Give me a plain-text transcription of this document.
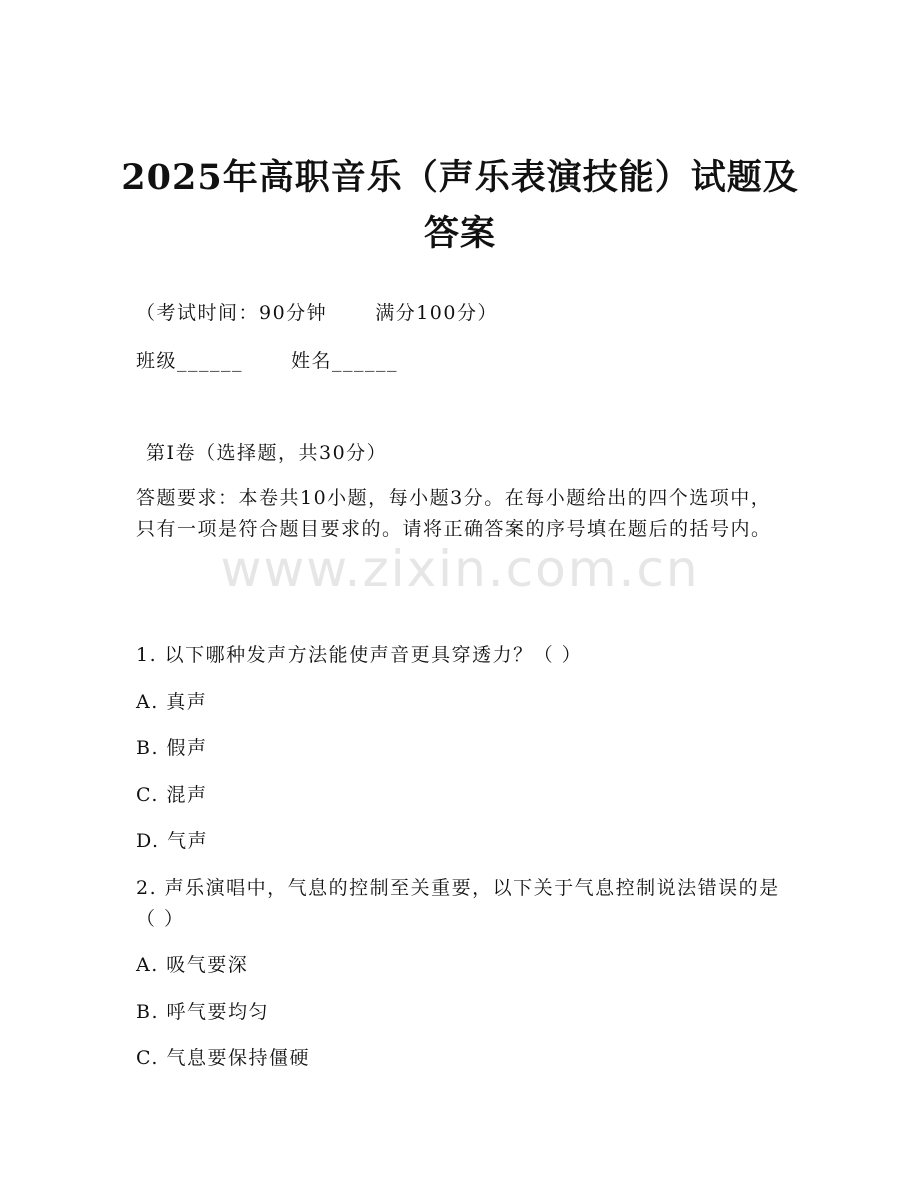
2025年高职音乐（声乐表演技能）试题及答案

（考试时间：90分钟	满分100分）

班级______	姓名______

第I卷（选择题，共30分）

答题要求：本卷共10小题，每小题3分。在每小题给出的四个选项中，只有一项是符合题目要求的。请将正确答案的序号填在题后的括号内。

www.zixin.com.cn

1. 以下哪种发声方法能使声音更具穿透力？（ ）

A. 真声

B. 假声

C. 混声

D. 气声

2. 声乐演唱中，气息的控制至关重要，以下关于气息控制说法错误的是（ ）

A. 吸气要深

B. 呼气要均匀

C. 气息要保持僵硬
